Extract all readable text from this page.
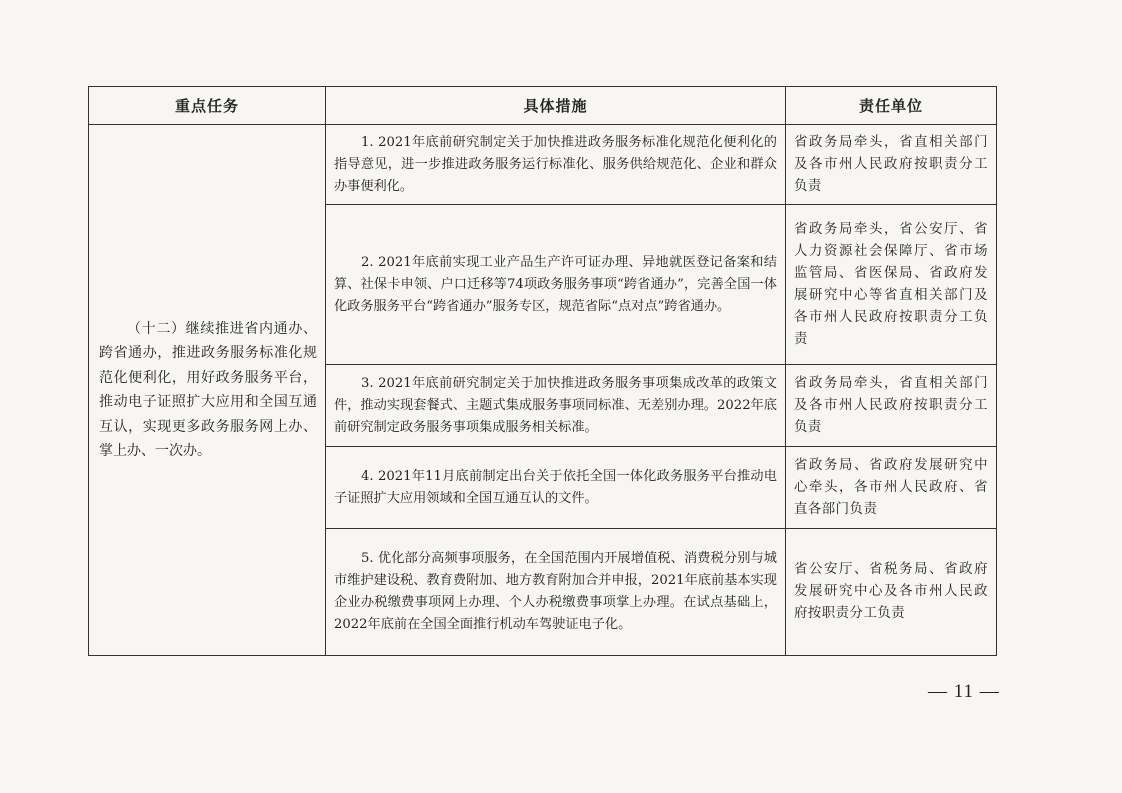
重点任务	具体措施	责任单位

（十二）继续推进省内通办、跨省通办，推进政务服务标准化规范化便利化，用好政务服务平台，推动电子证照扩大应用和全国互通互认，实现更多政务服务网上办、掌上办、一次办。	1. 2021年底前研究制定关于加快推进政务服务标准化规范化便利化的指导意见，进一步推进政务服务运行标准化、服务供给规范化、企业和群众办事便利化。	省政务局牵头，省直相关部门及各市州人民政府按职责分工负责

	2. 2021年底前实现工业产品生产许可证办理、异地就医登记备案和结算、社保卡申领、户口迁移等74项政务服务事项“跨省通办”，完善全国一体化政务服务平台“跨省通办”服务专区，规范省际“点对点”跨省通办。	省政务局牵头，省公安厅、省人力资源社会保障厅、省市场监管局、省医保局、省政府发展研究中心等省直相关部门及各市州人民政府按职责分工负责

	3. 2021年底前研究制定关于加快推进政务服务事项集成改革的政策文件，推动实现套餐式、主题式集成服务事项同标准、无差别办理。2022年底前研究制定政务服务事项集成服务相关标准。	省政务局牵头，省直相关部门及各市州人民政府按职责分工负责

	4. 2021年11月底前制定出台关于依托全国一体化政务服务平台推动电子证照扩大应用领域和全国互通互认的文件。	省政务局、省政府发展研究中心牵头，各市州人民政府、省直各部门负责

	5. 优化部分高频事项服务，在全国范围内开展增值税、消费税分别与城市维护建设税、教育费附加、地方教育附加合并申报，2021年底前基本实现企业办税缴费事项网上办理、个人办税缴费事项掌上办理。在试点基础上，2022年底前在全国全面推行机动车驾驶证电子化。	省公安厅、省税务局、省政府发展研究中心及各市州人民政府按职责分工负责
— 11 —
